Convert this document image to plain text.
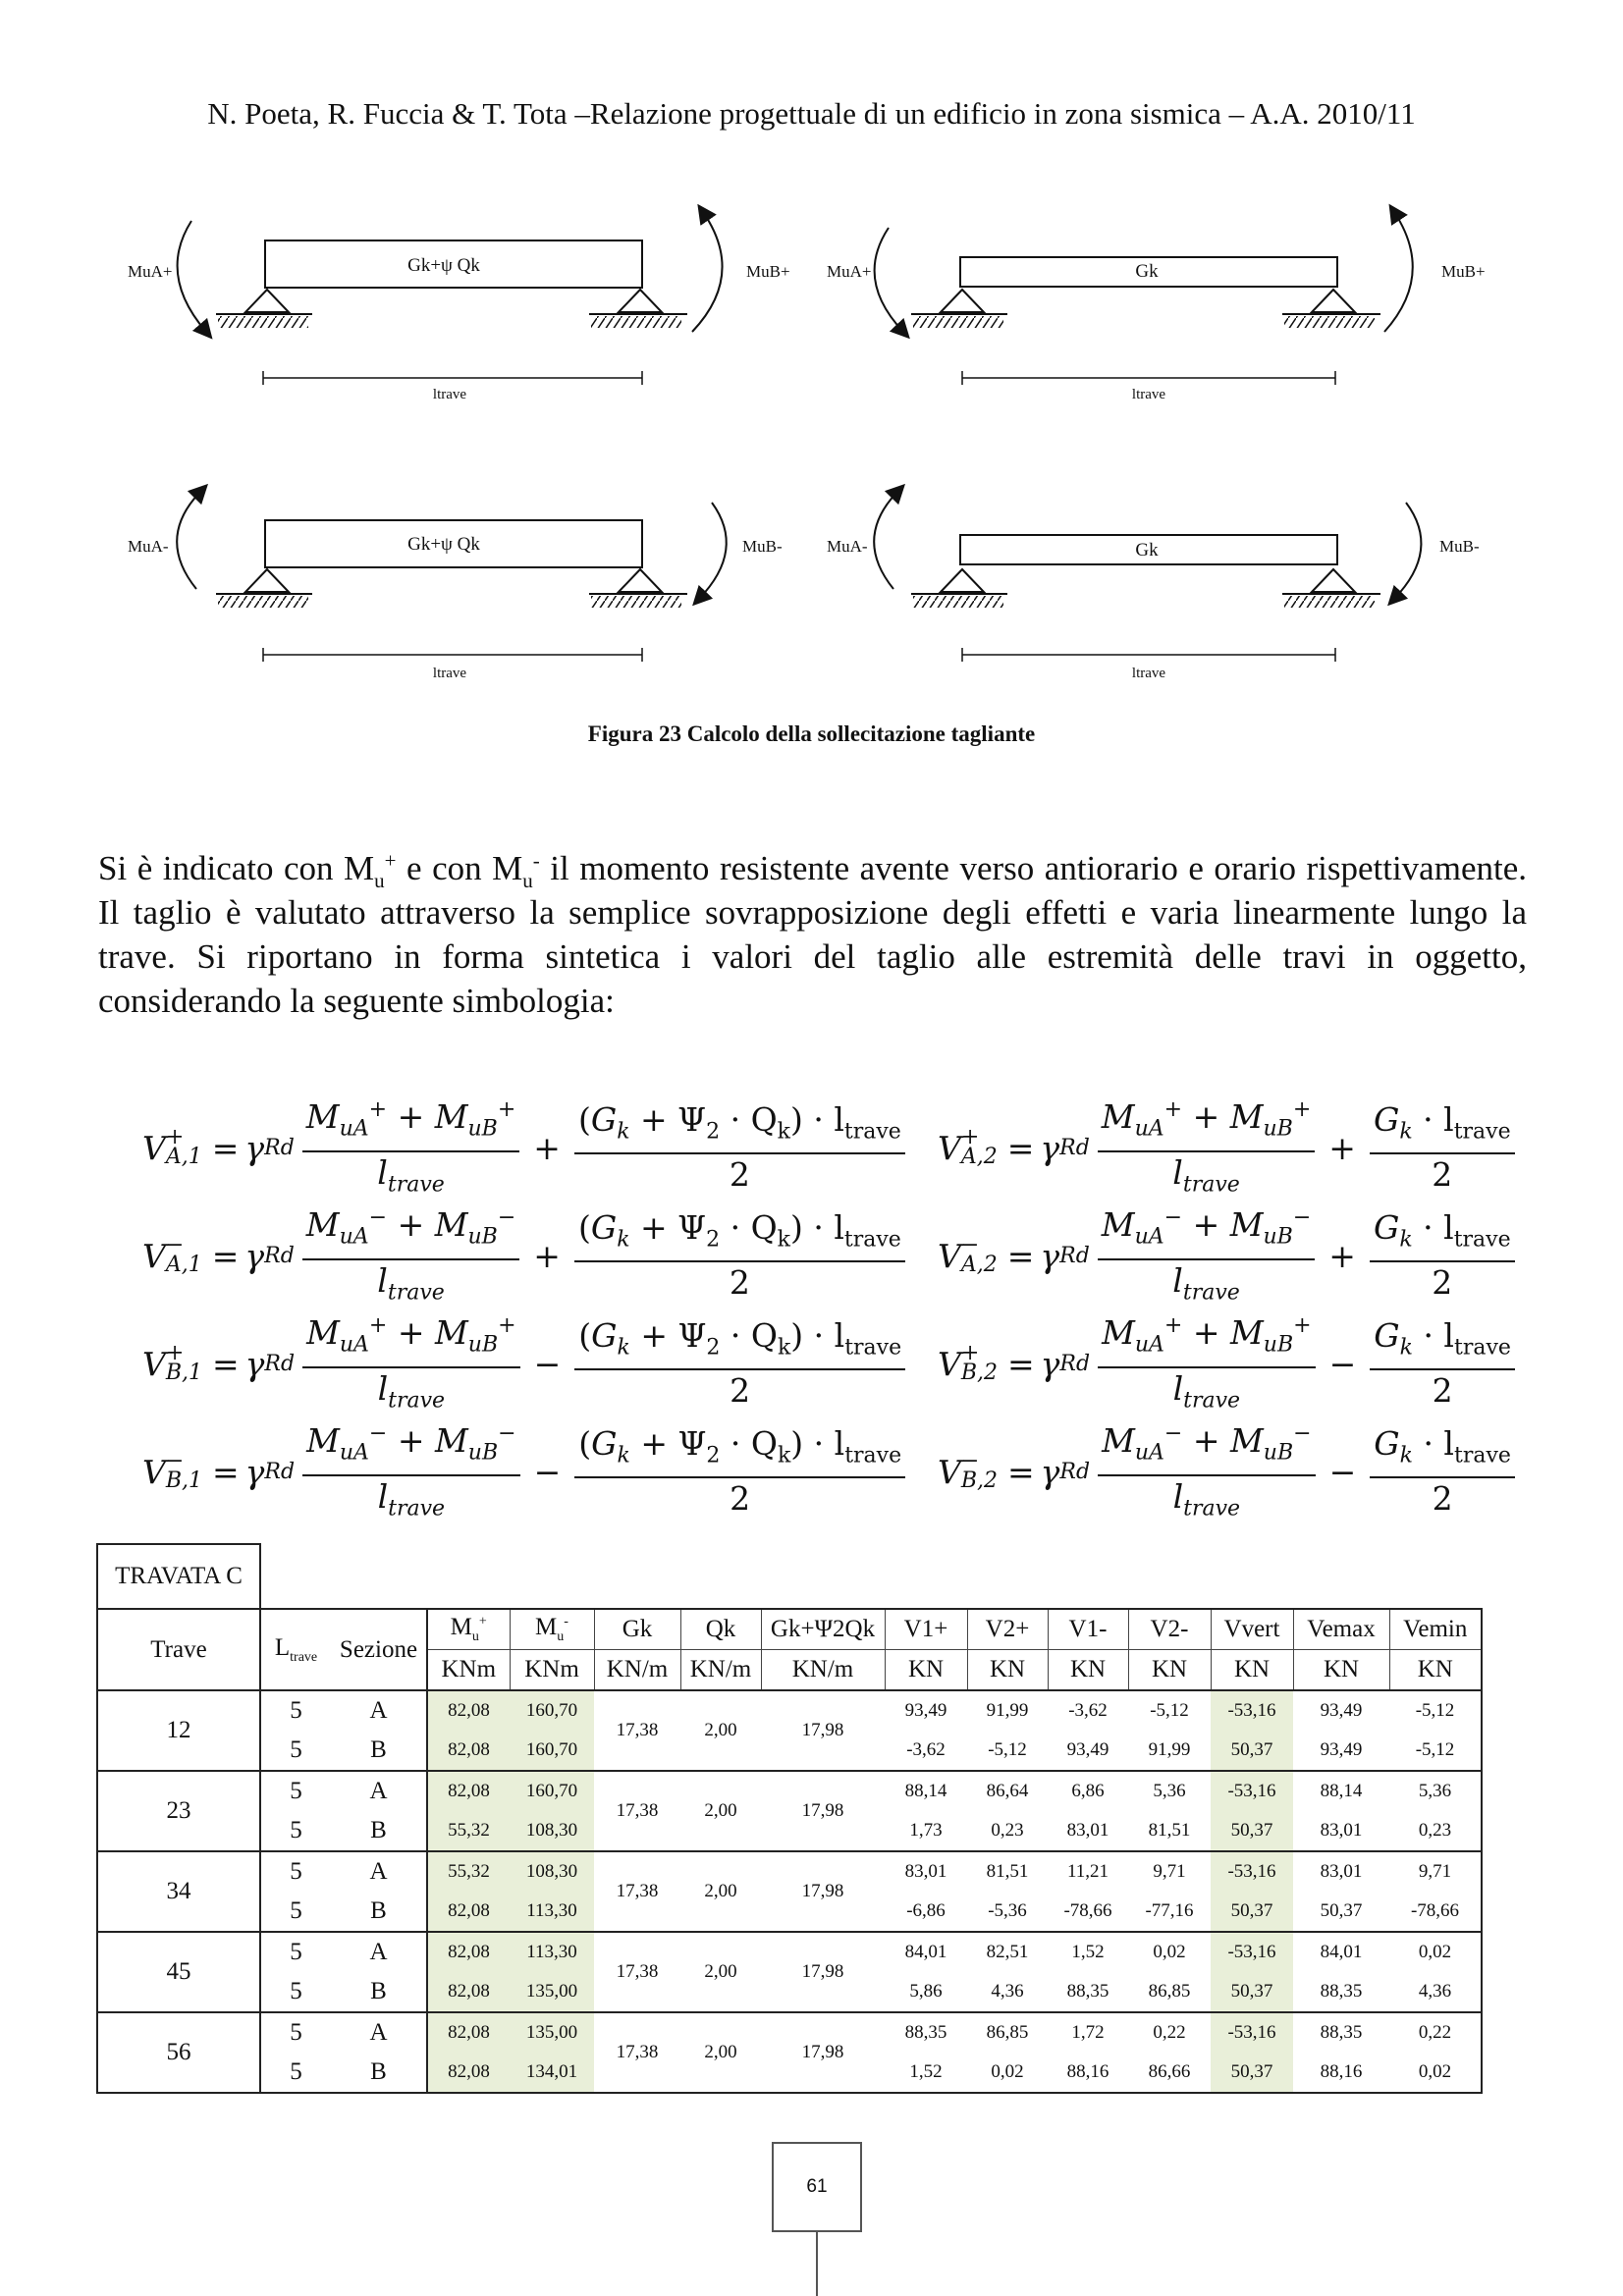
N. Poeta, R. Fuccia & T. Tota –Relazione progettuale di un edificio in zona sismica – A.A. 2010/11
Gk+ψ Qk
MuA+	MuB+
ltrave
Gk
MuA+	MuB+
ltrave
Gk+ψ Qk
MuA-	MuB-
ltrave
Gk
MuA-	MuB-
ltrave
Figura 23 Calcolo della sollecitazione tagliante
Si è indicato con $M_u^+$ e con $M_u^-$ il momento resistente avente verso antiorario e orario rispettivamente. Il taglio è valutato attraverso la semplice sovrapposizione degli effetti e varia linearmente lungo la trave. Si riportano in forma sintetica i valori del taglio alle estremità delle travi in oggetto, considerando la seguente simbologia:
V +
A,1 = γ Rd $\frac{M_{uA}^+ + M_{uB}^+}{l_{trave}} + \frac{(G_k + \Psi_2 \cdot Q_k) \cdot l_{trave}}{2}$
V −
A,1 = γ Rd $\frac{M_{uA}^- + M_{uB}^-}{l_{trave}} + \frac{(G_k + \Psi_2 \cdot Q_k) \cdot l_{trave}}{2}$
V +
B,1 = γ Rd $\frac{M_{uA}^+ + M_{uB}^+}{l_{trave}} - \frac{(G_k + \Psi_2 \cdot Q_k) \cdot l_{trave}}{2}$
V −
B,1 = γ Rd $\frac{M_{uA}^- + M_{uB}^-}{l_{trave}} - \frac{(G_k + \Psi_2 \cdot Q_k) \cdot l_{trave}}{2}$
V +
A,2 = γ Rd $\frac{M_{uA}^+ + M_{uB}^+}{l_{trave}} + \frac{G_k \cdot l_{trave}}{2}$
V −
A,2 = γ Rd $\frac{M_{uA}^- + M_{uB}^-}{l_{trave}} + \frac{G_k \cdot l_{trave}}{2}$
V +
B,2 = γ Rd $\frac{M_{uA}^+ + M_{uB}^+}{l_{trave}} - \frac{G_k \cdot l_{trave}}{2}$
V −
B,2 = γ Rd $\frac{M_{uA}^- + M_{uB}^-}{l_{trave}} - \frac{G_k \cdot l_{trave}}{2}$
TRAVATA C														
Trave	$L_{trave}$	Sezione	$M_u^+$	$M_u^-$	Gk	Qk	Gk+Ψ2Qk	V1+	V2+	V1-	V2-	Vvert	Vemax	Vemin
			KNm	KNm	KN/m	KN/m	KN/m	KN	KN	KN	KN	KN	KN	KN
12	5	A	82,08	160,70	17,38	2,00	17,98	93,49	91,99	-3,62	-5,12	-53,16	93,49	-5,12
	5	B	82,08	160,70				-3,62	-5,12	93,49	91,99	50,37	93,49	-5,12
23	5	A	82,08	160,70	17,38	2,00	17,98	88,14	86,64	6,86	5,36	-53,16	88,14	5,36
	5	B	55,32	108,30				1,73	0,23	83,01	81,51	50,37	83,01	0,23
34	5	A	55,32	108,30	17,38	2,00	17,98	83,01	81,51	11,21	9,71	-53,16	83,01	9,71
	5	B	82,08	113,30				-6,86	-5,36	-78,66	-77,16	50,37	50,37	-78,66
45	5	A	82,08	113,30	17,38	2,00	17,98	84,01	82,51	1,52	0,02	-53,16	84,01	0,02
	5	B	82,08	135,00				5,86	4,36	88,35	86,85	50,37	88,35	4,36
56	5	A	82,08	135,00	17,38	2,00	17,98	88,35	86,85	1,72	0,22	-53,16	88,35	0,22
	5	B	82,08	134,01				1,52	0,02	88,16	86,66	50,37	88,16	0,02
61
